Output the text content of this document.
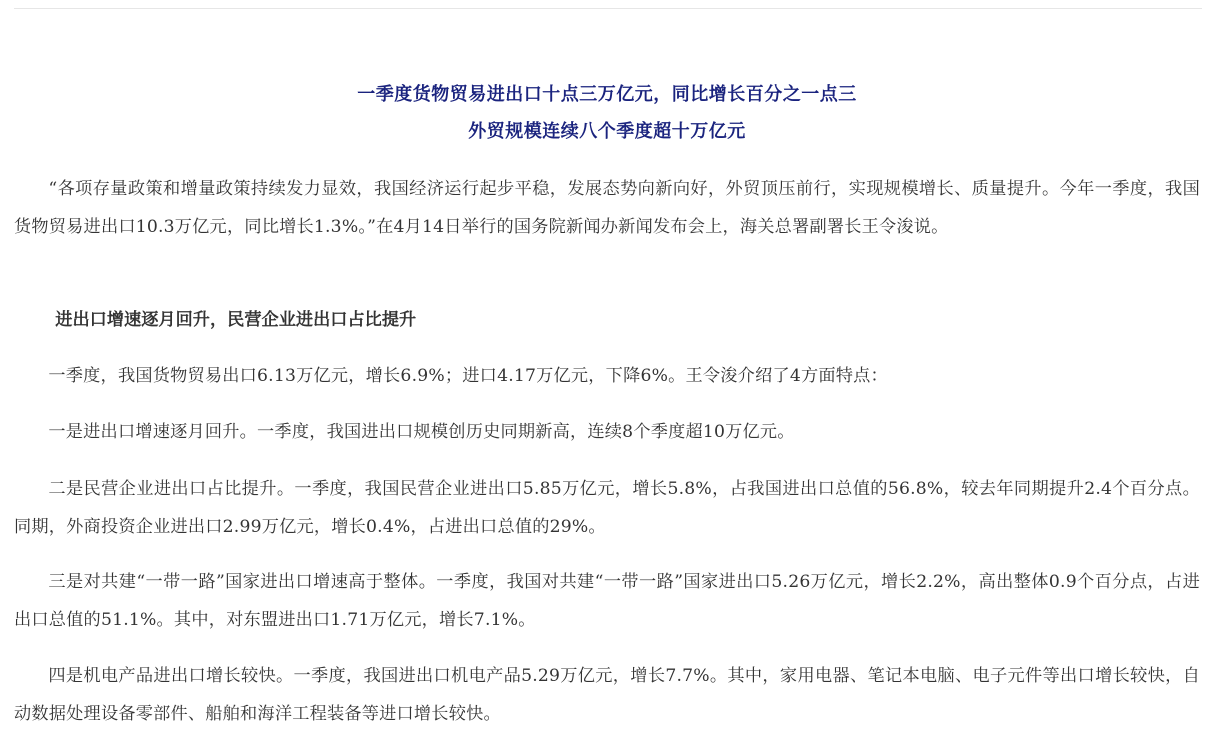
一季度货物贸易进出口十点三万亿元，同比增长百分之一点三
外贸规模连续八个季度超十万亿元

“各项存量政策和增量政策持续发力显效，我国经济运行起步平稳，发展态势向新向好，外贸顶压前行，实现规模增长、质量提升。今年一季度，我国货物贸易进出口10.3万亿元，同比增长1.3%。”在4月14日举行的国务院新闻办新闻发布会上，海关总署副署长王令浚说。

进出口增速逐月回升，民营企业进出口占比提升

一季度，我国货物贸易出口6.13万亿元，增长6.9%；进口4.17万亿元，下降6%。王令浚介绍了4方面特点：

一是进出口增速逐月回升。一季度，我国进出口规模创历史同期新高，连续8个季度超10万亿元。

二是民营企业进出口占比提升。一季度，我国民营企业进出口5.85万亿元，增长5.8%，占我国进出口总值的56.8%，较去年同期提升2.4个百分点。同期，外商投资企业进出口2.99万亿元，增长0.4%，占进出口总值的29%。

三是对共建“一带一路”国家进出口增速高于整体。一季度，我国对共建“一带一路”国家进出口5.26万亿元，增长2.2%，高出整体0.9个百分点，占进出口总值的51.1%。其中，对东盟进出口1.71万亿元，增长7.1%。

四是机电产品进出口增长较快。一季度，我国进出口机电产品5.29万亿元，增长7.7%。其中，家用电器、笔记本电脑、电子元件等出口增长较快，自动数据处理设备零部件、船舶和海洋工程装备等进口增长较快。
